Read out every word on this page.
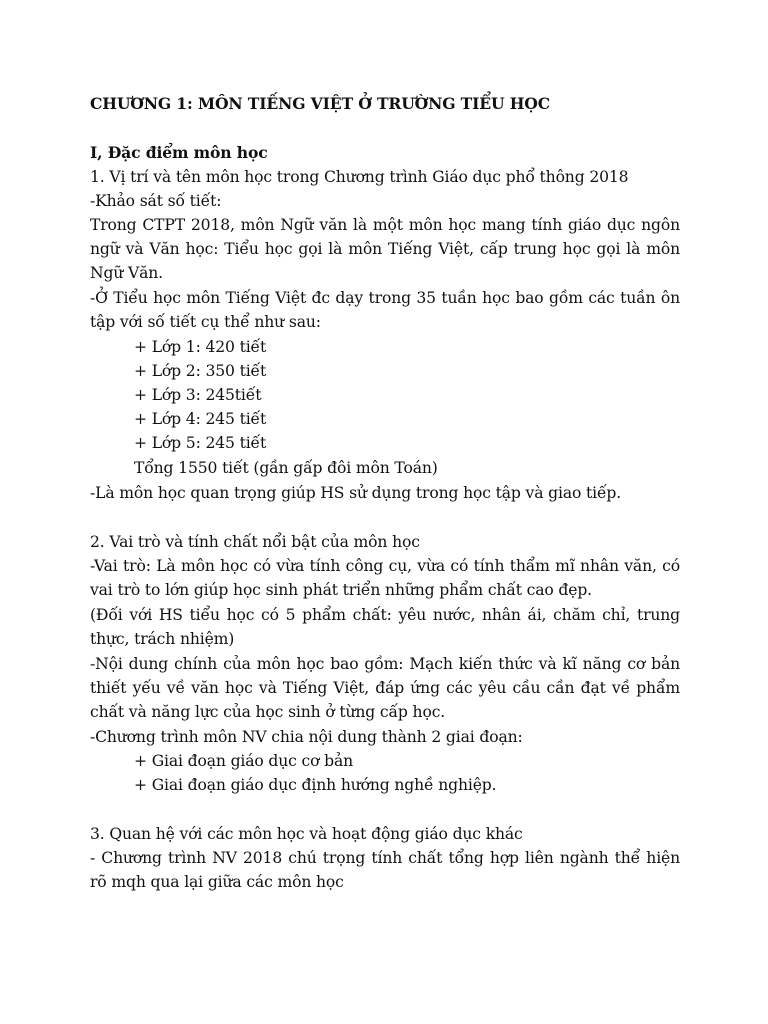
CHƯƠNG 1: MÔN TIẾNG VIỆT Ở TRƯỜNG TIỂU HỌC
I, Đặc điểm môn học
1. Vị trí và tên môn học trong Chương trình Giáo dục phổ thông 2018
-Khảo sát số tiết:
Trong CTPT 2018, môn Ngữ văn là một môn học mang tính giáo dục ngôn ngữ và Văn học: Tiểu học gọi là môn Tiếng Việt, cấp trung học gọi là môn Ngữ Văn.
-Ở Tiểu học môn Tiếng Việt đc dạy trong 35 tuần học bao gồm các tuần ôn tập với số tiết cụ thể như sau:
+ Lớp 1: 420 tiết
+ Lớp 2: 350 tiết
+ Lớp 3: 245tiết
+ Lớp 4: 245 tiết
+ Lớp 5: 245 tiết
Tổng 1550 tiết (gần gấp đôi môn Toán)
-Là môn học quan trọng giúp HS sử dụng trong học tập và giao tiếp.
2. Vai trò và tính chất nổi bật của môn học
-Vai trò: Là môn học có vừa tính công cụ, vừa có tính thẩm mĩ nhân văn, có vai trò to lớn giúp học sinh phát triển những phẩm chất cao đẹp.
(Đối với HS tiểu học có 5 phẩm chất: yêu nước, nhân ái, chăm chỉ, trung thực, trách nhiệm)
-Nội dung chính của môn học bao gồm: Mạch kiến thức và kĩ năng cơ bản thiết yếu về văn học và Tiếng Việt, đáp ứng các yêu cầu cần đạt về phẩm chất và năng lực của học sinh ở từng cấp học.
-Chương trình môn NV chia nội dung thành 2 giai đoạn:
+ Giai đoạn giáo dục cơ bản
+ Giai đoạn giáo dục định hướng nghề nghiệp.
3. Quan hệ với các môn học và hoạt động giáo dục khác
- Chương trình NV 2018 chú trọng tính chất tổng hợp liên ngành thể hiện rõ mqh qua lại giữa các môn học
